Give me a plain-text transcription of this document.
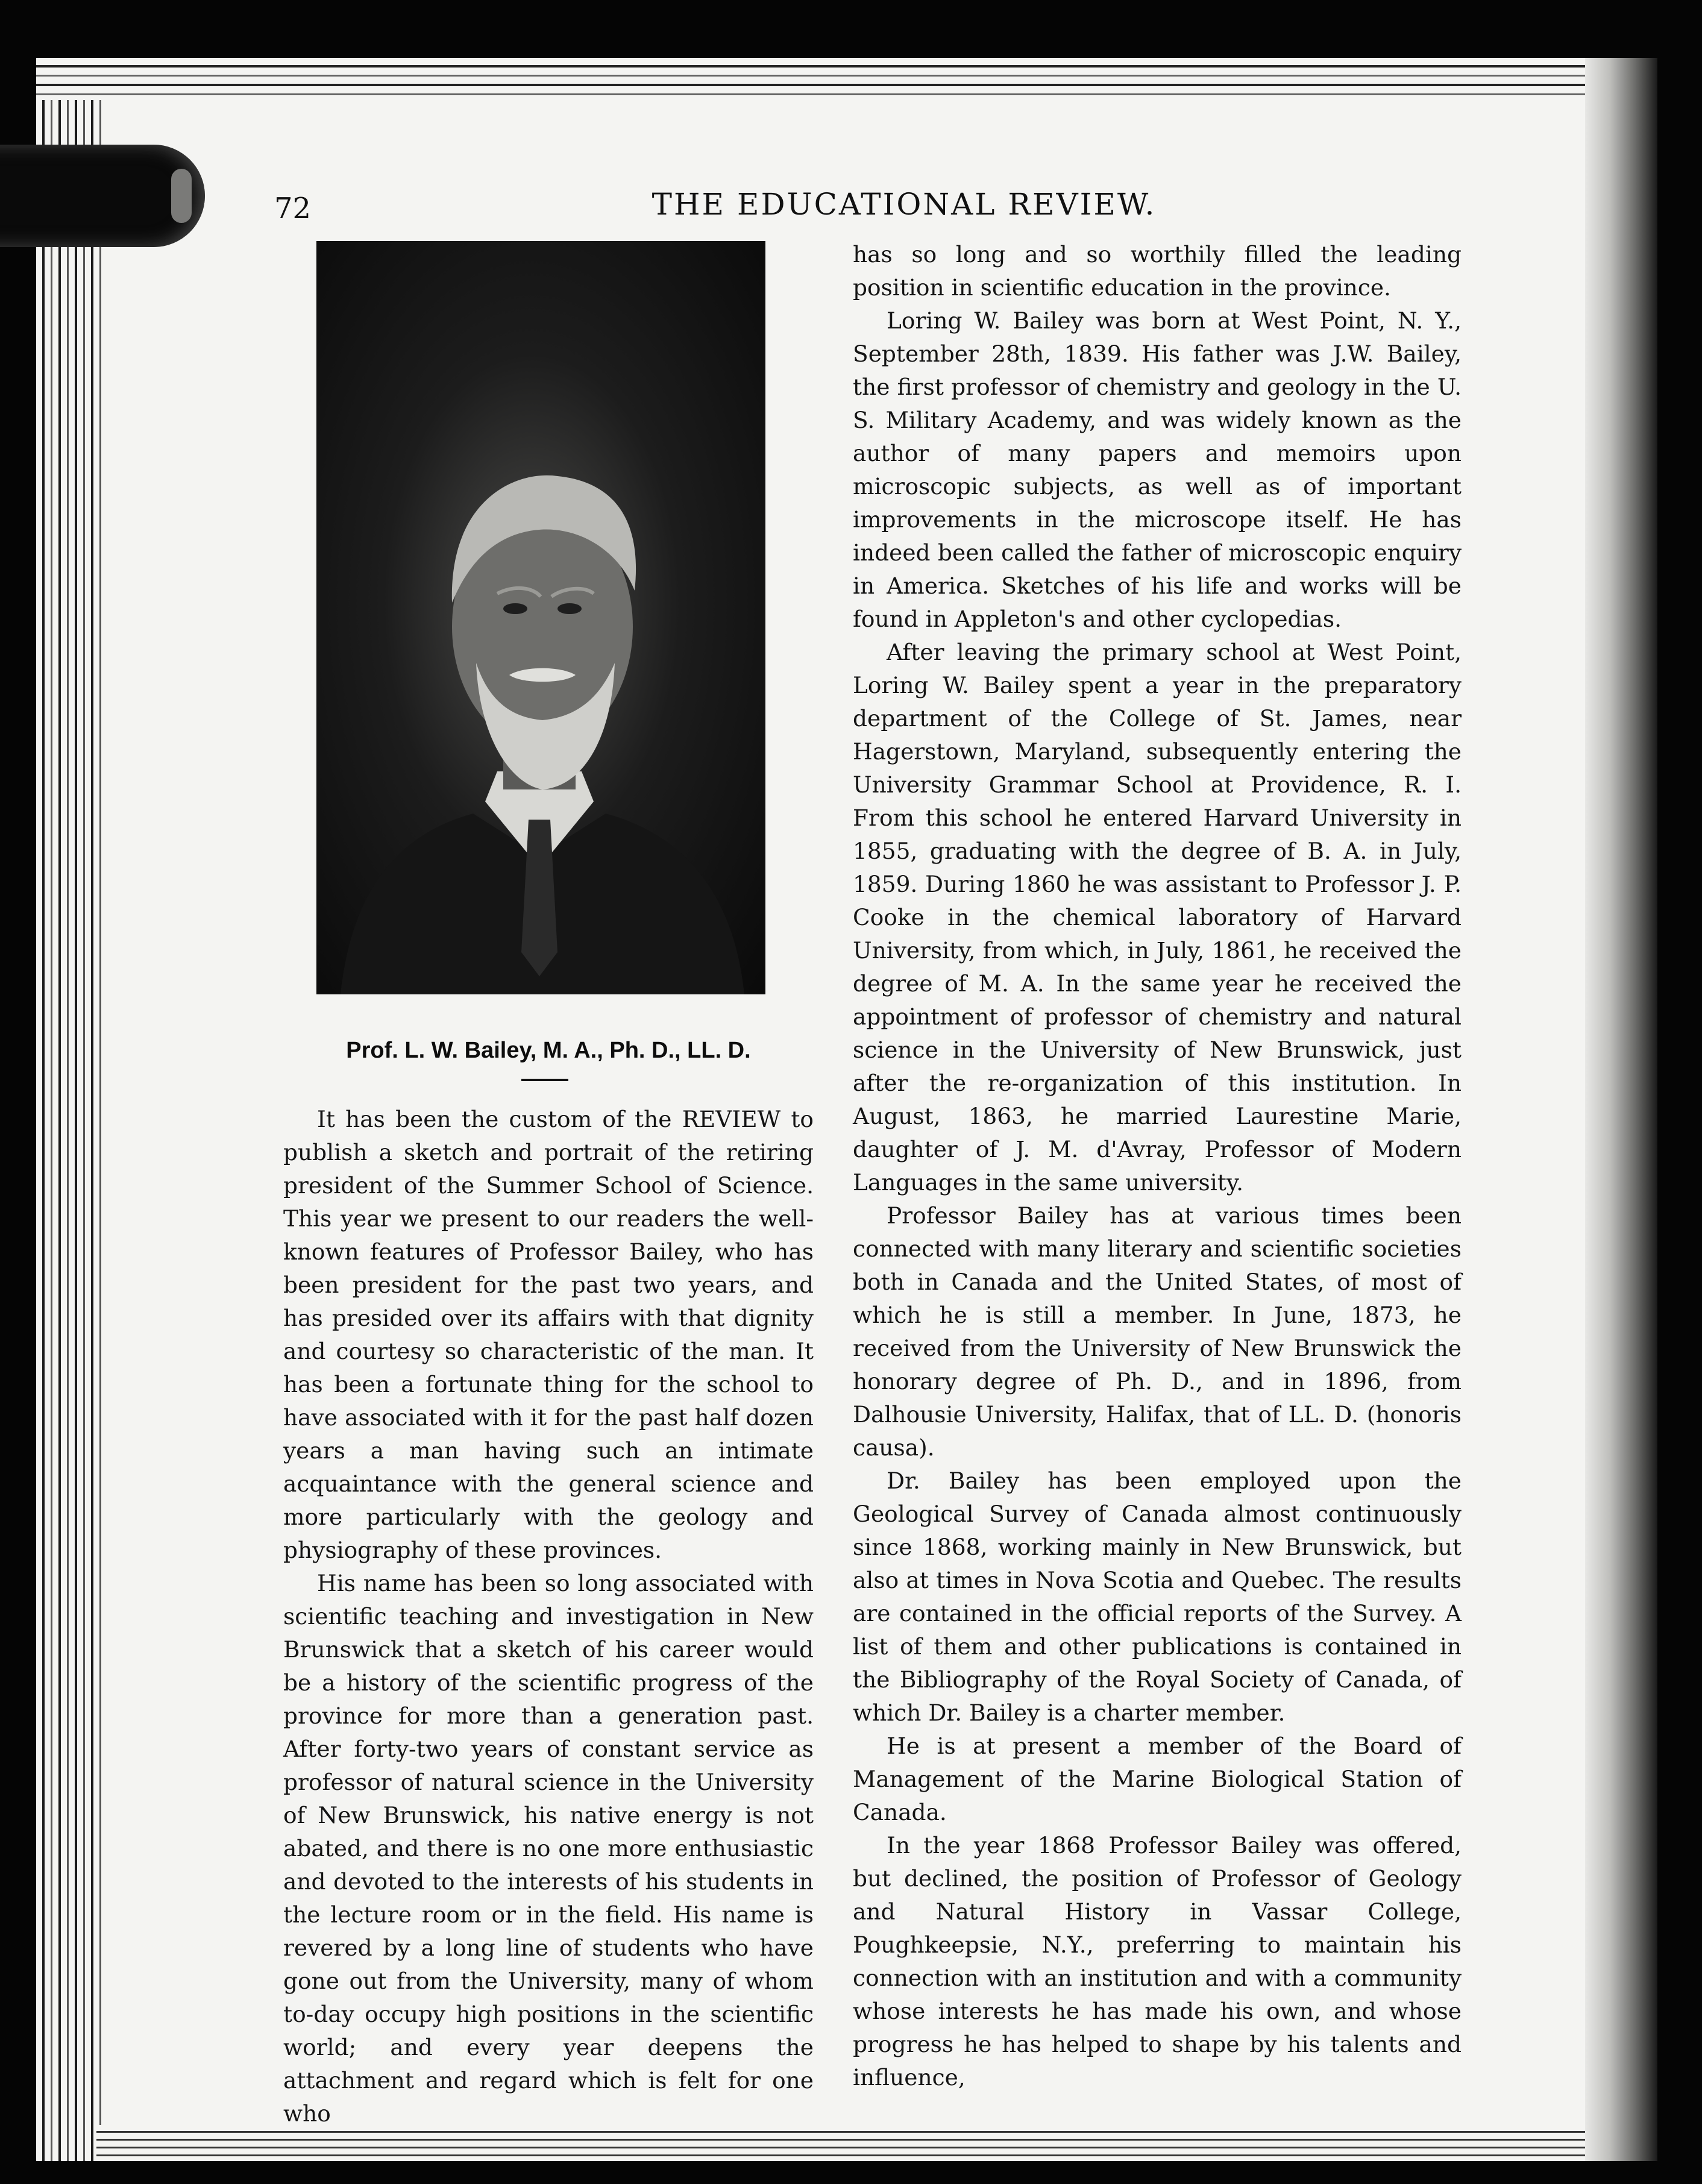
72	THE EDUCATIONAL REVIEW.
Prof. L. W. Bailey, M. A., Ph. D., LL. D.

It has been the custom of the REVIEW to publish a sketch and portrait of the retiring president of the Summer School of Science. This year we present to our readers the well-known features of Professor Bailey, who has been president for the past two years, and has presided over its affairs with that dignity and courtesy so characteristic of the man. It has been a fortunate thing for the school to have associated with it for the past half dozen years a man having such an intimate acquaintance with the general science and more particularly with the geology and physiography of these provinces.

His name has been so long associated with scientific teaching and investigation in New Brunswick that a sketch of his career would be a history of the scientific progress of the province for more than a generation past. After forty-two years of constant service as professor of natural science in the University of New Brunswick, his native energy is not abated, and there is no one more enthusiastic and devoted to the interests of his students in the lecture room or in the field. His name is revered by a long line of students who have gone out from the University, many of whom to-day occupy high positions in the scientific world; and every year deepens the attachment and regard which is felt for one who

has so long and so worthily filled the leading position in scientific education in the province.

Loring W. Bailey was born at West Point, N. Y., September 28th, 1839. His father was J.W. Bailey, the first professor of chemistry and geology in the U. S. Military Academy, and was widely known as the author of many papers and memoirs upon microscopic subjects, as well as of important improvements in the microscope itself. He has indeed been called the father of microscopic enquiry in America. Sketches of his life and works will be found in Appleton's and other cyclopedias.

After leaving the primary school at West Point, Loring W. Bailey spent a year in the preparatory department of the College of St. James, near Hagerstown, Maryland, subsequently entering the University Grammar School at Providence, R. I. From this school he entered Harvard University in 1855, graduating with the degree of B. A. in July, 1859. During 1860 he was assistant to Professor J. P. Cooke in the chemical laboratory of Harvard University, from which, in July, 1861, he received the degree of M. A. In the same year he received the appointment of professor of chemistry and natural science in the University of New Brunswick, just after the re-organization of this institution. In August, 1863, he married Laurestine Marie, daughter of J. M. d'Avray, Professor of Modern Languages in the same university.

Professor Bailey has at various times been connected with many literary and scientific societies both in Canada and the United States, of most of which he is still a member. In June, 1873, he received from the University of New Brunswick the honorary degree of Ph. D., and in 1896, from Dalhousie University, Halifax, that of LL. D. (honoris causa).

Dr. Bailey has been employed upon the Geological Survey of Canada almost continuously since 1868, working mainly in New Brunswick, but also at times in Nova Scotia and Quebec. The results are contained in the official reports of the Survey. A list of them and other publications is contained in the Bibliography of the Royal Society of Canada, of which Dr. Bailey is a charter member.

He is at present a member of the Board of Management of the Marine Biological Station of Canada.

In the year 1868 Professor Bailey was offered, but declined, the position of Professor of Geology and Natural History in Vassar College, Poughkeepsie, N.Y., preferring to maintain his connection with an institution and with a community whose interests he has made his own, and whose progress he has helped to shape by his talents and influence,
